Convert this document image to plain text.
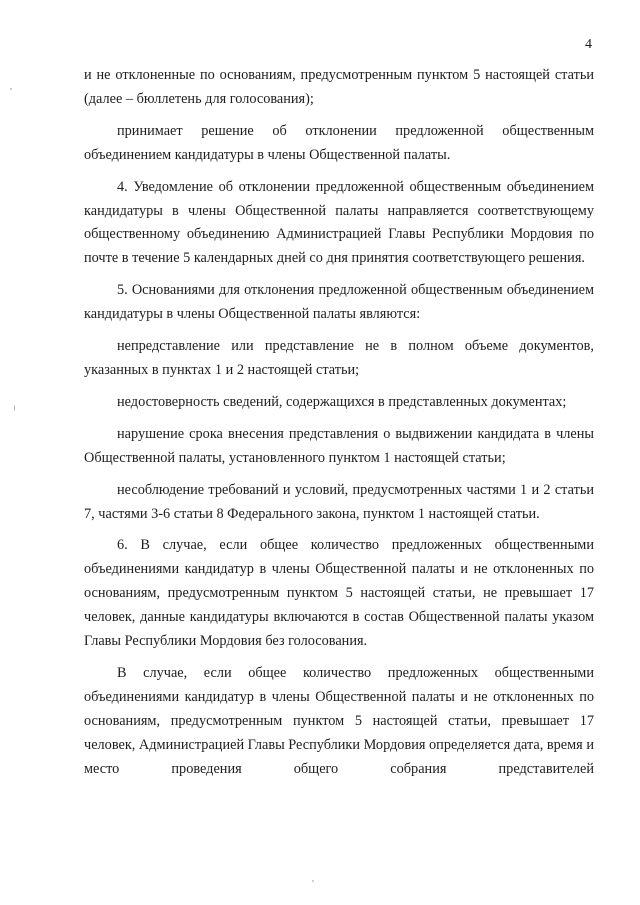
4

и не отклоненные по основаниям, предусмотренным пунктом 5 настоящей статьи (далее – бюллетень для голосования);

принимает решение об отклонении предложенной общественным объединением кандидатуры в члены Общественной палаты.

4. Уведомление об отклонении предложенной общественным объединением кандидатуры в члены Общественной палаты направляется соответствующему общественному объединению Администрацией Главы Республики Мордовия по почте в течение 5 календарных дней со дня принятия соответствующего решения.

5. Основаниями для отклонения предложенной общественным объединением кандидатуры в члены Общественной палаты являются:

непредставление или представление не в полном объеме документов, указанных в пунктах 1 и 2 настоящей статьи;

недостоверность сведений, содержащихся в представленных документах;

нарушение срока внесения представления о выдвижении кандидата в члены Общественной палаты, установленного пунктом 1 настоящей статьи;

несоблюдение требований и условий, предусмотренных частями 1 и 2 статьи 7, частями 3-6 статьи 8 Федерального закона, пунктом 1 настоящей статьи.

6. В случае, если общее количество предложенных общественными объединениями кандидатур в члены Общественной палаты и не отклоненных по основаниям, предусмотренным пунктом 5 настоящей статьи, не превышает 17 человек, данные кандидатуры включаются в состав Общественной палаты указом Главы Республики Мордовия без голосования.

В случае, если общее количество предложенных общественными объединениями кандидатур в члены Общественной палаты и не отклоненных по основаниям, предусмотренным пунктом 5 настоящей статьи, превышает 17 человек, Администрацией Главы Республики Мордовия определяется дата, время и место проведения общего собрания представителей
